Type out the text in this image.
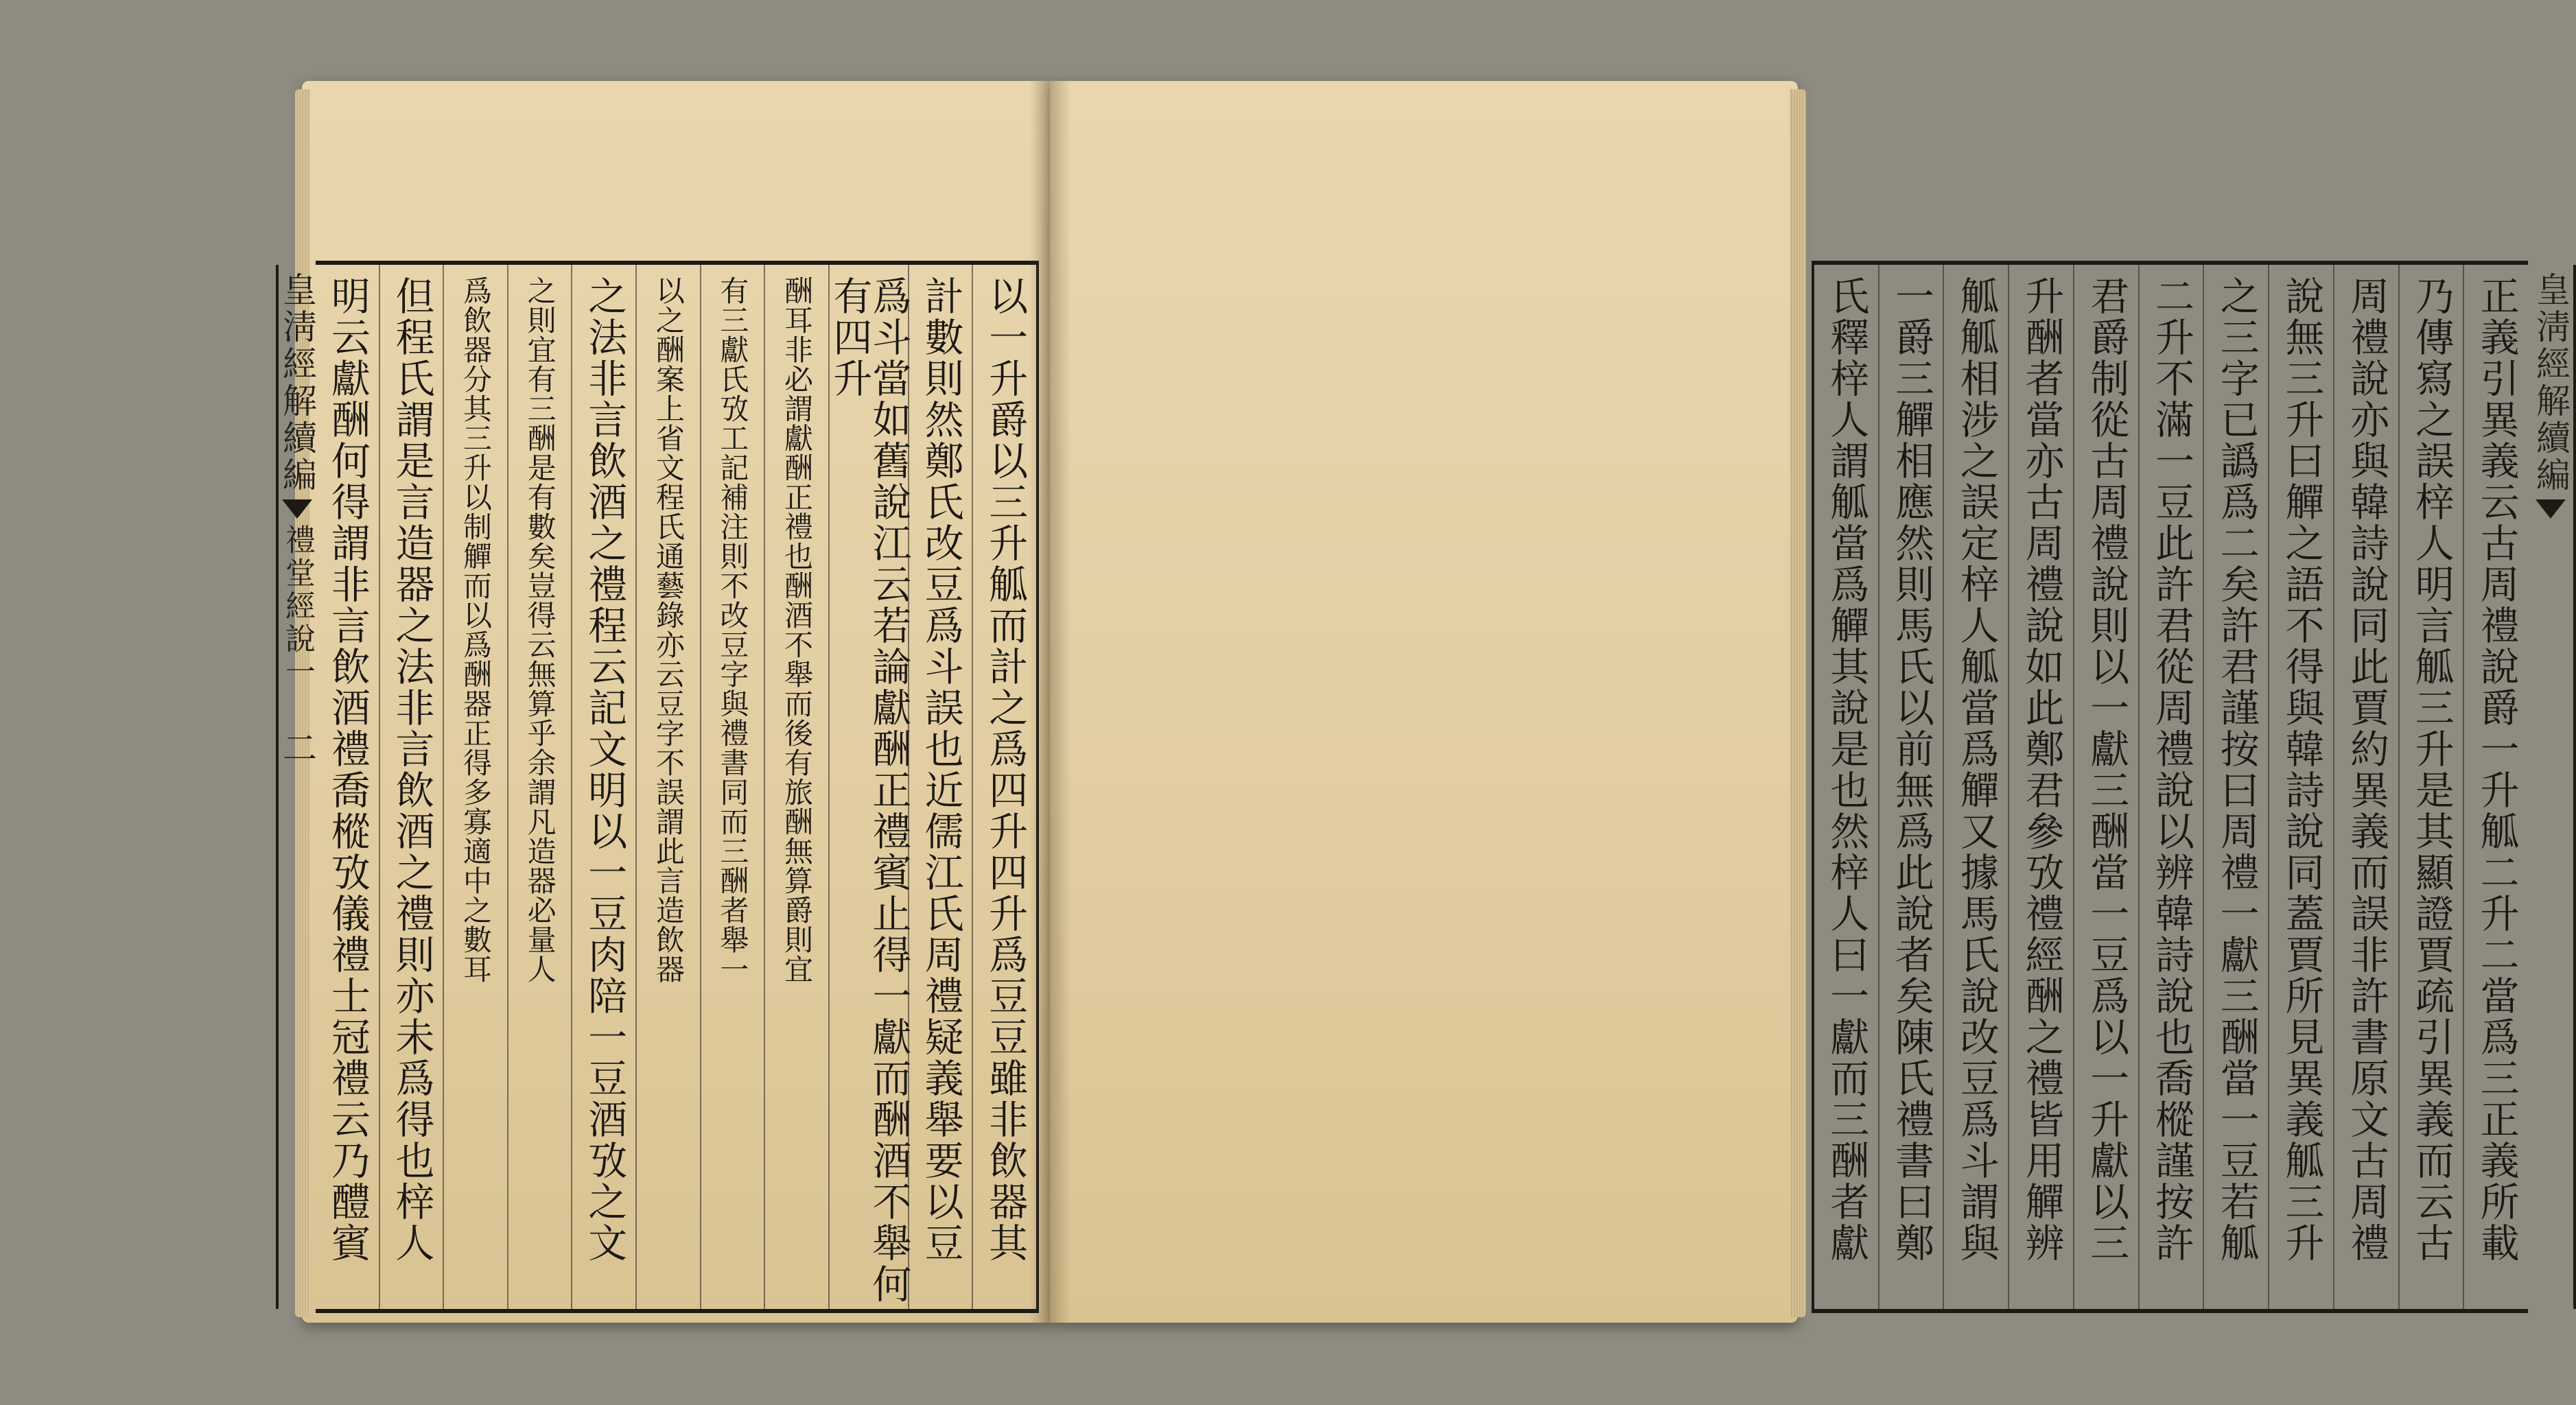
皇淸經解續編
禮堂經說一
二	以一升爵以三升觚而計之爲四升四升爲豆豆雖非飲器其
計數則然鄭氏改豆爲斗誤也近儒江氏周禮疑義舉要以豆
爲斗當如舊說江云若論獻酬正禮賓止得一獻而酬酒不舉何有四升
酬耳非必謂獻酬正禮也酬酒不舉而後有旅酬無算爵則宜
有三獻氏攷工記補注則不改豆字與禮書同而三酬者舉一
以之酬案上省文程氏通藝錄亦云豆字不誤謂此言造飲器
之法非言飲酒之禮程云記文明以一豆肉陪一豆酒攷之文
之則宜有三酬是有數矣豈得云無算乎余謂凡造器必量人
爲飲器分其三升以制觶而以爲酬器正得多寡適中之數耳
但程氏謂是言造器之法非言飲酒之禮則亦未爲得也梓人
明云獻酬何得謂非言飲酒禮喬樅攷儀禮士冠禮云乃醴賓	皇淸經解續編
正義引異義云古周禮說爵一升觚二升二當爲三正義所載
乃傳寫之誤梓人明言觚三升是其顯證賈疏引異義而云古
周禮說亦與韓詩說同此賈約異義而誤非許書原文古周禮
說無三升曰觶之語不得與韓詩說同蓋賈所見異義觚三升
之三字已譌爲二矣許君謹按曰周禮一獻三酬當一豆若觚
二升不滿一豆此許君從周禮說以辨韓詩說也喬樅謹按許
君爵制從古周禮說則以一獻三酬當一豆爲以一升獻以三
升酬者當亦古周禮說如此鄭君參攷禮經酬之禮皆用觶辨
觚觚相涉之誤定梓人觚當爲觶又據馬氏說改豆爲斗謂與
一爵三觶相應然則馬氏以前無爲此說者矣陳氏禮書曰鄭
氏釋梓人謂觚當爲觶其說是也然梓人曰一獻而三酬者獻
